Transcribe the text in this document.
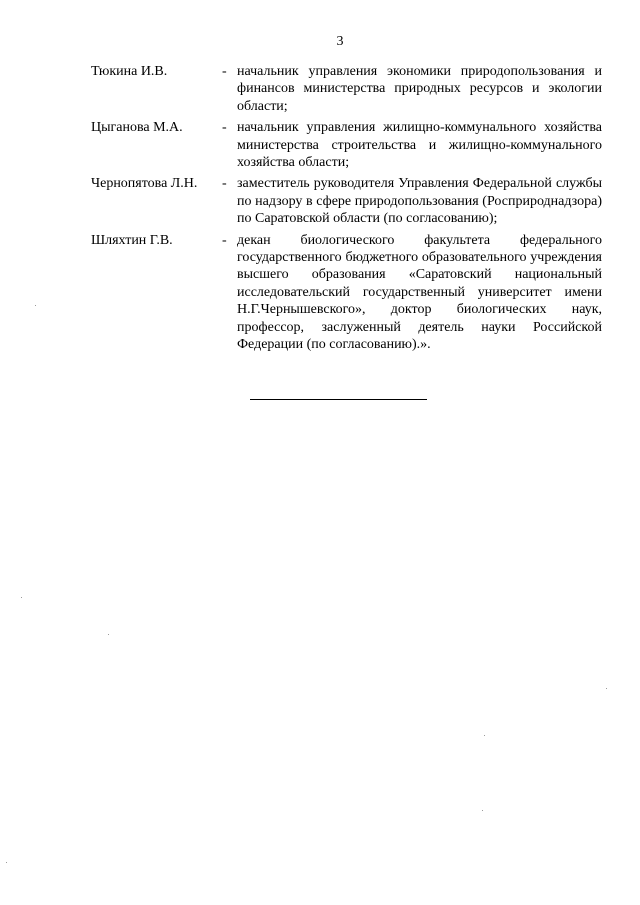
3
Тюкина И.В.	- начальник управления экономики природопользования и финансов министерства природных ресурсов и экологии области;
Цыганова М.А.	- начальник управления жилищно-коммунального хозяйства министерства строительства и жилищно-коммунального хозяйства области;
Чернопятова Л.Н. - заместитель руководителя Управления Федеральной службы по надзору в сфере природопользования (Росприроднадзора) по Саратовской области (по согласованию);
Шляхтин Г.В.	- декан биологического факультета федерального государственного бюджетного образовательного учреждения высшего образования «Саратовский национальный исследовательский государственный университет имени Н.Г.Чернышевского», доктор биологических наук, профессор, заслуженный деятель науки Российской Федерации (по согласованию).».
